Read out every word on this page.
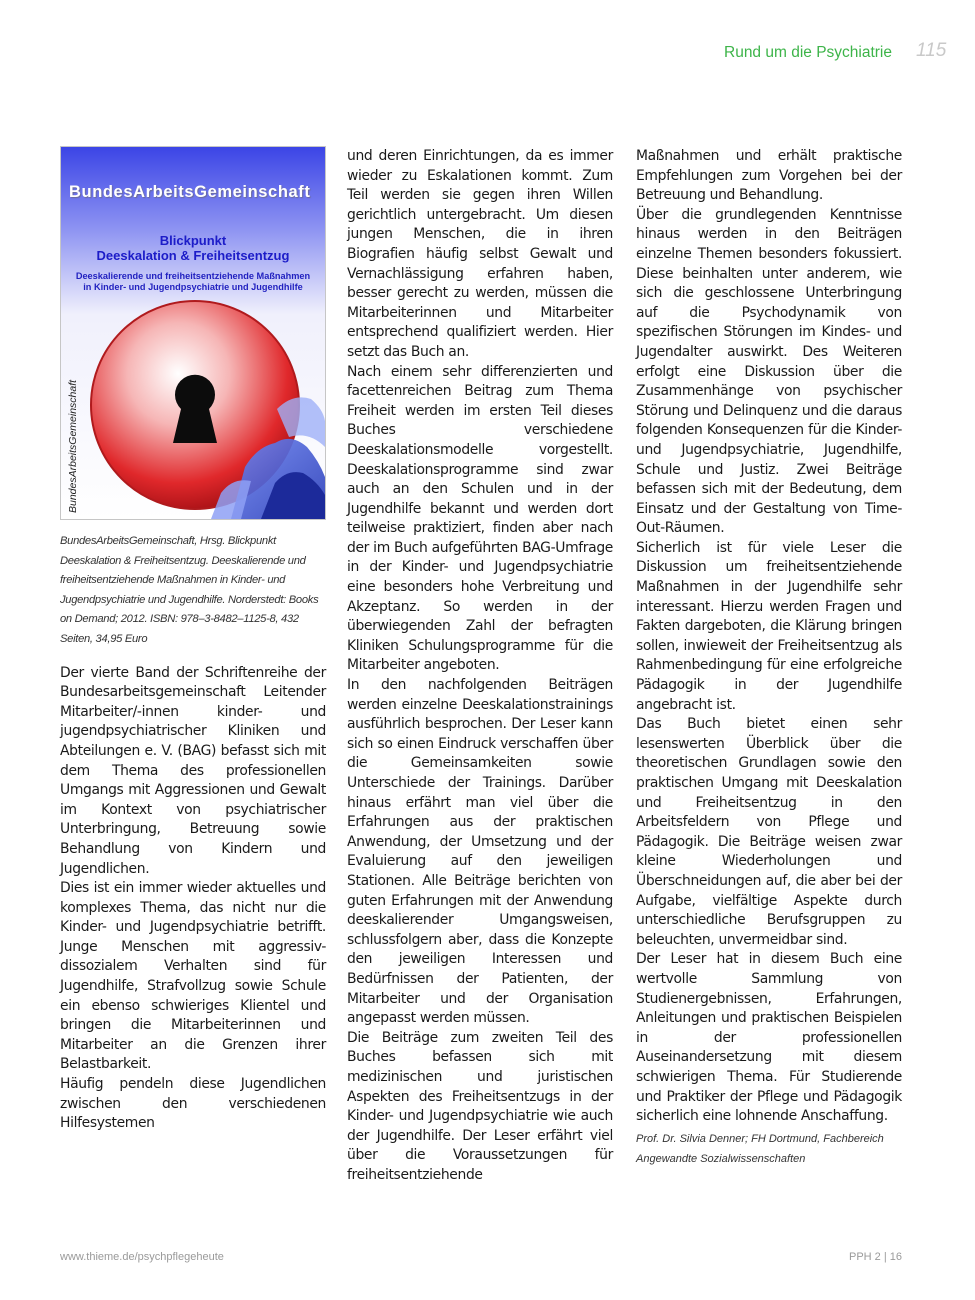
Rund um die Psychiatrie 115
BundesArbeitsGemeinschaft
Blickpunkt
Deeskalation & Freiheitsentzug
Deeskalierende und freiheitsentziehende Maßnahmen in Kinder- und Jugendpsychiatrie und Jugendhilfe
BundesArbeitsGemeinschaft
BundesArbeitsGemeinschaft, Hrsg. Blickpunkt Deeskalation & Freiheitsentzug. Deeskalierende und freiheitsentziehende Maßnahmen in Kinder- und Jugendpsychiatrie und Jugendhilfe. Norderstedt: Books on Demand; 2012. ISBN: 978–3-8482–1125-8, 432 Seiten, 34,95 Euro

Der vierte Band der Schriftenreihe der Bundesarbeitsgemeinschaft Leitender Mitarbeiter/-innen kinder- und jugendpsychiatrischer Kliniken und Abteilungen e. V. (BAG) befasst sich mit dem Thema des professionellen Umgangs mit Aggressionen und Gewalt im Kontext von psychiatrischer Unterbringung, Betreuung sowie Behandlung von Kindern und Jugendlichen.

Dies ist ein immer wieder aktuelles und komplexes Thema, das nicht nur die Kinder- und Jugendpsychiatrie betrifft. Junge Menschen mit aggressiv-dissozialem Verhalten sind für Jugendhilfe, Strafvollzug sowie Schule ein ebenso schwieriges Klientel und bringen die Mitarbeiterinnen und Mitarbeiter an die Grenzen ihrer Belastbarkeit.

Häufig pendeln diese Jugendlichen zwischen den verschiedenen Hilfesystemen

und deren Einrichtungen, da es immer wieder zu Eskalationen kommt. Zum Teil werden sie gegen ihren Willen gerichtlich untergebracht. Um diesen jungen Menschen, die in ihren Biografien häufig selbst Gewalt und Vernachlässigung erfahren haben, besser gerecht zu werden, müssen die Mitarbeiterinnen und Mitarbeiter entsprechend qualifiziert werden. Hier setzt das Buch an.

Nach einem sehr differenzierten und facettenreichen Beitrag zum Thema Freiheit werden im ersten Teil dieses Buches verschiedene Deeskalationsmodelle vorgestellt. Deeskalationsprogramme sind zwar auch an den Schulen und in der Jugendhilfe bekannt und werden dort teilweise praktiziert, finden aber nach der im Buch aufgeführten BAG-Umfrage in der Kinder- und Jugendpsychiatrie eine besonders hohe Verbreitung und Akzeptanz. So werden in der überwiegenden Zahl der befragten Kliniken Schulungsprogramme für die Mitarbeiter angeboten.

In den nachfolgenden Beiträgen werden einzelne Deeskalationstrainings ausführlich besprochen. Der Leser kann sich so einen Eindruck verschaffen über die Gemeinsamkeiten sowie Unterschiede der Trainings. Darüber hinaus erfährt man viel über die Erfahrungen aus der praktischen Anwendung, der Umsetzung und der Evaluierung auf den jeweiligen Stationen. Alle Beiträge berichten von guten Erfahrungen mit der Anwendung deeskalierender Umgangsweisen, schlussfolgern aber, dass die Konzepte den jeweiligen Interessen und Bedürfnissen der Patienten, der Mitarbeiter und der Organisation angepasst werden müssen.

Die Beiträge zum zweiten Teil des Buches befassen sich mit medizinischen und juristischen Aspekten des Freiheitsentzugs in der Kinder- und Jugendpsychiatrie wie auch der Jugendhilfe. Der Leser erfährt viel über die Voraussetzungen für freiheitsentziehende

Maßnahmen und erhält praktische Empfehlungen zum Vorgehen bei der Betreuung und Behandlung.

Über die grundlegenden Kenntnisse hinaus werden in den Beiträgen einzelne Themen besonders fokussiert. Diese beinhalten unter anderem, wie sich die geschlossene Unterbringung auf die Psychodynamik von spezifischen Störungen im Kindes- und Jugendalter auswirkt. Des Weiteren erfolgt eine Diskussion über die Zusammenhänge von psychischer Störung und Delinquenz und die daraus folgenden Konsequenzen für die Kinder- und Jugendpsychiatrie, Jugendhilfe, Schule und Justiz. Zwei Beiträge befassen sich mit der Bedeutung, dem Einsatz und der Gestaltung von Time-Out-Räumen.

Sicherlich ist für viele Leser die Diskussion um freiheitsentziehende Maßnahmen in der Jugendhilfe sehr interessant. Hierzu werden Fragen und Fakten dargeboten, die Klärung bringen sollen, inwieweit der Freiheitsentzug als Rahmenbedingung für eine erfolgreiche Pädagogik in der Jugendhilfe angebracht ist.

Das Buch bietet einen sehr lesenswerten Überblick über die theoretischen Grundlagen sowie den praktischen Umgang mit Deeskalation und Freiheitsentzug in den Arbeitsfeldern von Pflege und Pädagogik. Die Beiträge weisen zwar kleine Wiederholungen und Überschneidungen auf, die aber bei der Aufgabe, vielfältige Aspekte durch unterschiedliche Berufsgruppen zu beleuchten, unvermeidbar sind.

Der Leser hat in diesem Buch eine wertvolle Sammlung von Studienergebnissen, Erfahrungen, Anleitungen und praktischen Beispielen in der professionellen Auseinandersetzung mit diesem schwierigen Thema. Für Studierende und Praktiker der Pflege und Pädagogik sicherlich eine lohnende Anschaffung.

Prof. Dr. Silvia Denner; FH Dortmund, Fachbereich Angewandte Sozialwissenschaften
www.thieme.de/psychpflegeheute	PPH 2 | 16
